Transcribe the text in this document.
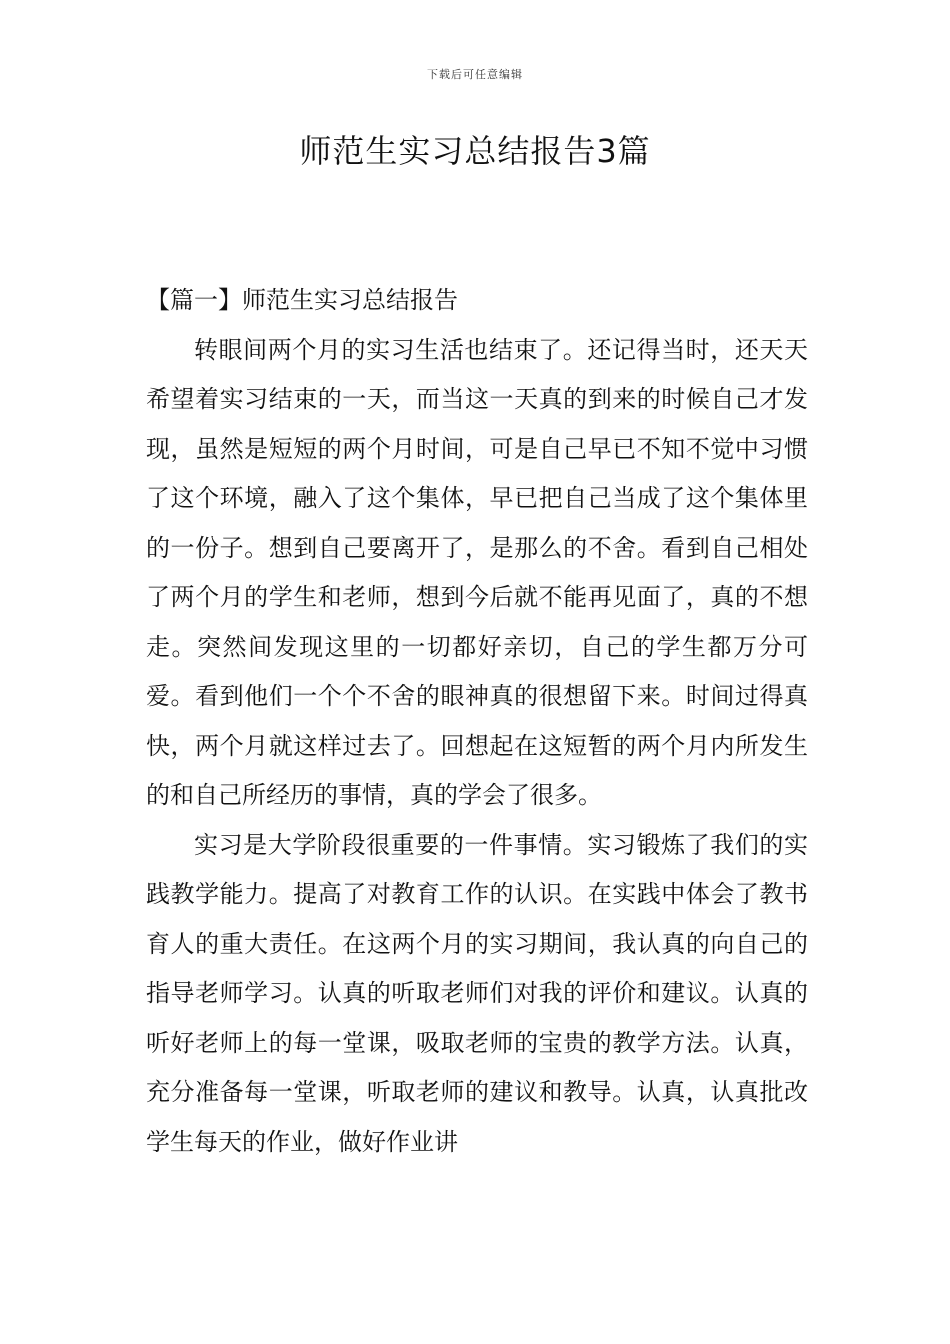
下载后可任意编辑
师范生实习总结报告3篇

【篇一】师范生实习总结报告

转眼间两个月的实习生活也结束了。还记得当时，还天天希望着实习结束的一天，而当这一天真的到来的时候自己才发现，虽然是短短的两个月时间，可是自己早已不知不觉中习惯了这个环境，融入了这个集体，早已把自己当成了这个集体里的一份子。想到自己要离开了，是那么的不舍。看到自己相处了两个月的学生和老师，想到今后就不能再见面了，真的不想走。突然间发现这里的一切都好亲切，自己的学生都万分可爱。看到他们一个个不舍的眼神真的很想留下来。时间过得真快，两个月就这样过去了。回想起在这短暂的两个月内所发生的和自己所经历的事情，真的学会了很多。

实习是大学阶段很重要的一件事情。实习锻炼了我们的实践教学能力。提高了对教育工作的认识。在实践中体会了教书育人的重大责任。在这两个月的实习期间，我认真的向自己的指导老师学习。认真的听取老师们对我的评价和建议。认真的听好老师上的每一堂课，吸取老师的宝贵的教学方法。认真，充分准备每一堂课，听取老师的建议和教导。认真，认真批改学生每天的作业，做好作业讲
